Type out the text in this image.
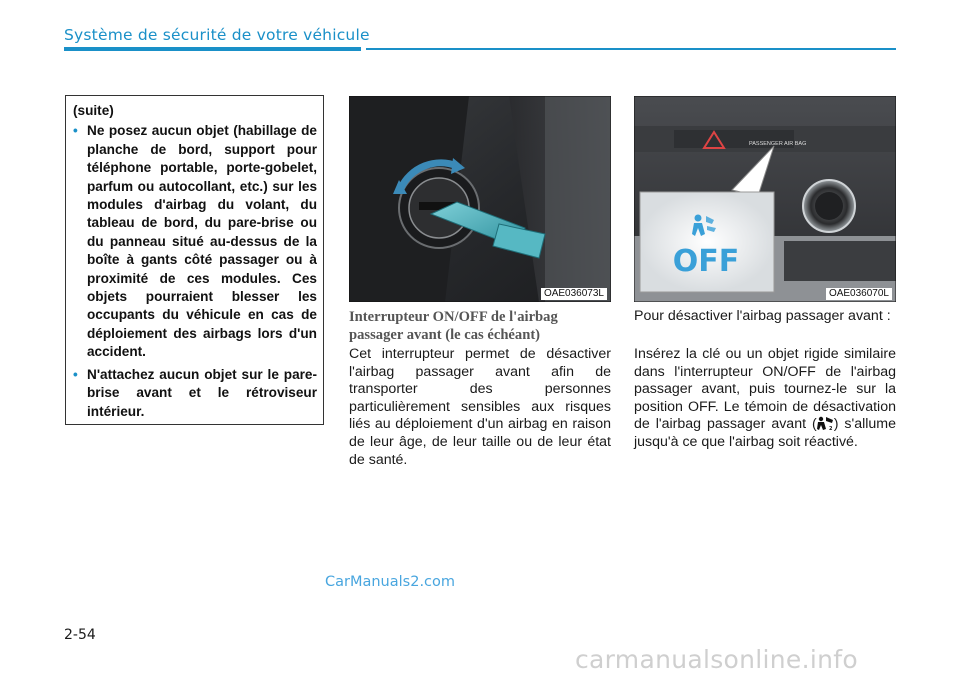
Système de sécurité de votre véhicule
(suite)
• Ne posez aucun objet (habillage de planche de bord, support pour téléphone portable, porte-gobelet, parfum ou autocollant, etc.) sur les modules d'airbag du volant, du tableau de bord, du pare-brise ou du panneau situé au-dessus de la boîte à gants côté passager ou à proximité de ces modules. Ces objets pourraient blesser les occupants du véhicule en cas de déploiement des airbags lors d'un accident.
• N'attachez aucun objet sur le pare-brise avant et le rétroviseur intérieur.
OAE036073L
PASSENGER AIR BAG
OFF
OAE036070L
Interrupteur ON/OFF de l'airbag passager avant (le cas échéant)

Cet interrupteur permet de désactiver l'airbag passager avant afin de transporter des personnes particulièrement sensibles aux risques liés au déploiement d'un airbag en raison de leur âge, de leur taille ou de leur état de santé.

Pour désactiver l'airbag passager avant :

Insérez la clé ou un objet rigide similaire dans l'interrupteur ON/OFF de l'airbag passager avant, puis tournez-le sur la position OFF. Le témoin de désactivation de l'airbag passager avant ( 2 ) s'allume jusqu'à ce que l'airbag soit réactivé.

CarManuals2.com
2-54
carmanualsonline.info
